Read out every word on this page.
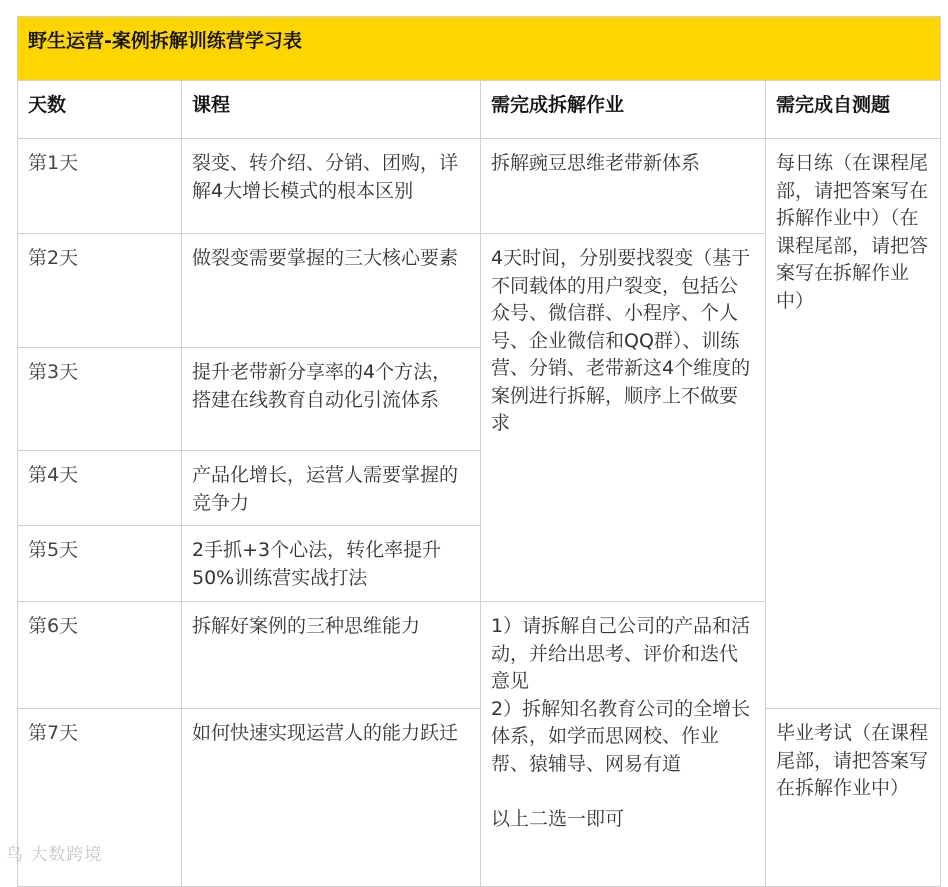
野生运营-案例拆解训练营学习表			
天数	课程	需完成拆解作业	需完成自测题
第1天	裂变、转介绍、分销、团购，详解4大增长模式的根本区别	拆解豌豆思维老带新体系	每日练（在课程尾部，请把答案写在拆解作业中）（在课程尾部，请把答案写在拆解作业中）
第2天	做裂变需要掌握的三大核心要素	4天时间，分别要找裂变（基于不同载体的用户裂变，包括公众号、微信群、小程序、个人号、企业微信和QQ群）、训练营、分销、老带新这4个维度的案例进行拆解，顺序上不做要求	
第3天	提升老带新分享率的4个方法，搭建在线教育自动化引流体系		
第4天	产品化增长，运营人需要掌握的竞争力		
第5天	2手抓+3个心法，转化率提升50%训练营实战打法		
第6天	拆解好案例的三种思维能力	1）请拆解自己公司的产品和活动，并给出思考、评价和迭代意见
2）拆解知名教育公司的全增长体系，如学而思网校、作业帮、猿辅导、网易有道
以上二选一即可	

第7天	如何快速实现运营人的能力跃迁		毕业考试（在课程尾部，请把答案写在拆解作业中）
鸟 大数跨境
